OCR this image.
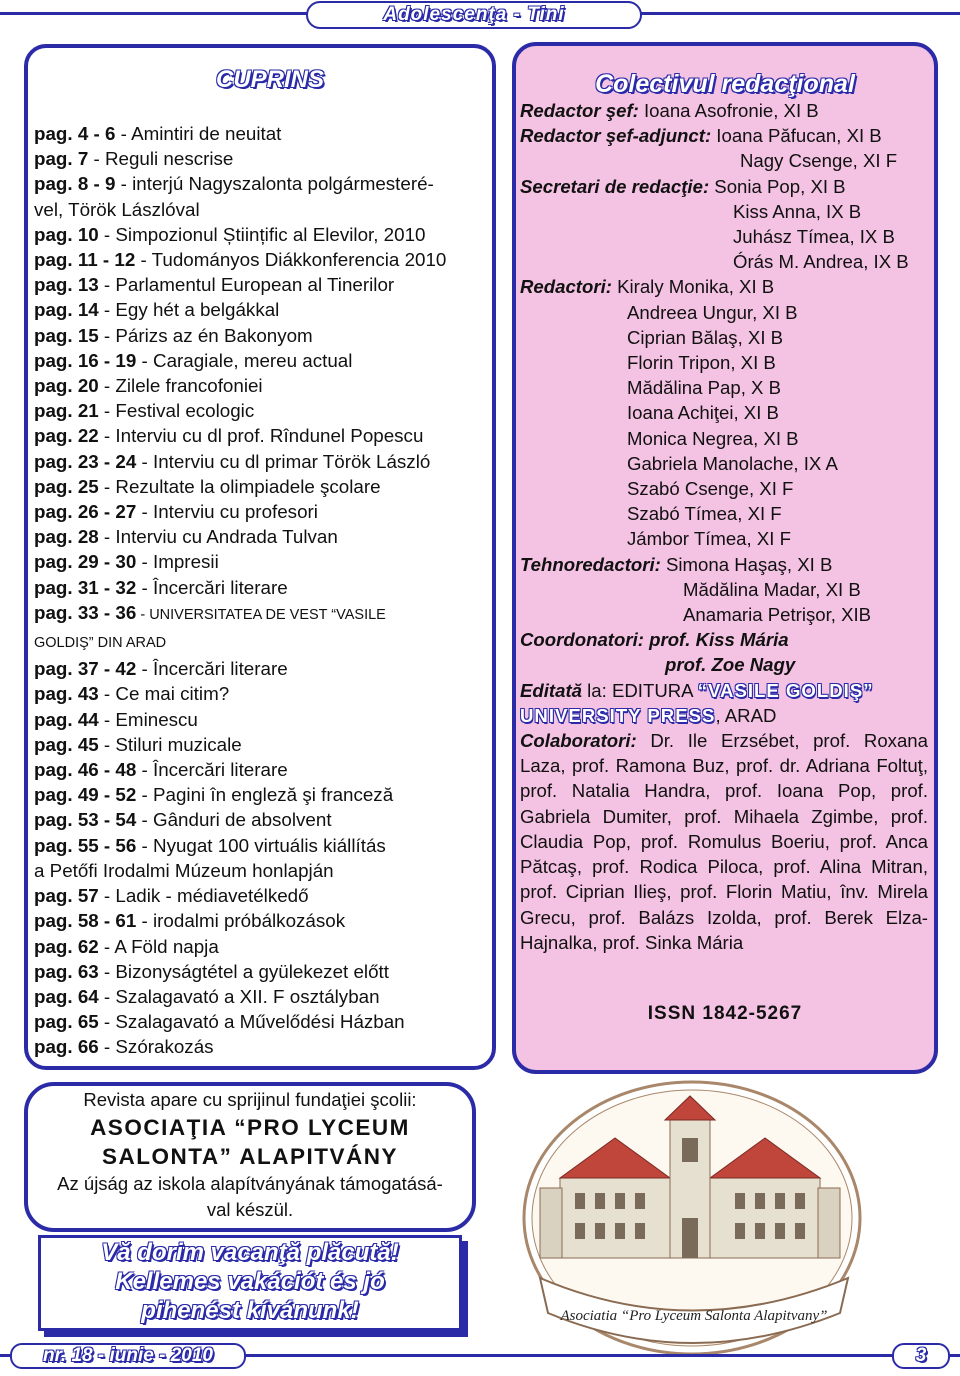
Adolescenţa - Tini
CUPRINS
pag. 4 - 6 - Amintiri de neuitat
pag. 7 - Reguli nescrise
pag. 8 - 9 - interjú Nagyszalonta polgármesteré-
vel, Török Lászlóval
pag. 10 - Simpozionul Științific al Elevilor, 2010
pag. 11 - 12 - Tudományos Diákkonferencia 2010
pag. 13 - Parlamentul European al Tinerilor
pag. 14 - Egy hét a belgákkal
pag. 15 - Párizs az én Bakonyom
pag. 16 - 19 - Caragiale, mereu actual
pag. 20 - Zilele francofoniei
pag. 21 - Festival ecologic
pag. 22 - Interviu cu dl prof. Rîndunel Popescu
pag. 23 - 24 - Interviu cu dl primar Török László
pag. 25 - Rezultate la olimpiadele şcolare
pag. 26 - 27 - Interviu cu profesori
pag. 28 - Interviu cu Andrada Tulvan
pag. 29 - 30 - Impresii
pag. 31 - 32 - Încercări literare
pag. 33 - 36 - UNIVERSITATEA DE VEST “VASILE
GOLDIŞ” DIN ARAD
pag. 37 - 42 - Încercări literare
pag. 43 - Ce mai citim?
pag. 44 - Eminescu
pag. 45 - Stiluri muzicale
pag. 46 - 48 - Încercări literare
pag. 49 - 52 - Pagini în engleză şi franceză
pag. 53 - 54 - Gânduri de absolvent
pag. 55 - 56 - Nyugat 100 virtuális kiállítás
a Petőfi Irodalmi Múzeum honlapján
pag. 57 - Ladik - médiavetélkedő
pag. 58 - 61 - irodalmi próbálkozások
pag. 62 - A Föld napja
pag. 63 - Bizonyságtétel a gyülekezet előtt
pag. 64 - Szalagavató a XII. F osztályban
pag. 65 - Szalagavató a Művelődési Házban
pag. 66 - Szórakozás
Colectivul redacţional
Redactor şef: Ioana Asofronie, XI B
Redactor şef-adjunct: Ioana Păfucan, XI B
Nagy Csenge, XI F
Secretari de redacţie: Sonia Pop, XI B
Kiss Anna, IX B
Juhász Tímea, IX B
Órás M. Andrea, IX B
Redactori: Kiraly Monika, XI B
Andreea Ungur, XI B
Ciprian Bălaş, XI B
Florin Tripon, XI B
Mădălina Pap, X B
Ioana Achiţei, XI B
Monica Negrea, XI B
Gabriela Manolache, IX A
Szabó Csenge, XI F
Szabó Tímea, XI F
Jámbor Tímea, XI F
Tehnoredactori: Simona Haşaş, XI B
Mădălina Madar, XI B
Anamaria Petrişor, XIB
Coordonatori: prof. Kiss Mária
prof. Zoe Nagy
Editată la: EDITURA “VASILE GOLDIŞ”
UNIVERSITY PRESS, ARAD
Colaboratori: Dr. Ile Erzsébet, prof. Roxana Laza, prof. Ramona Buz, prof. dr. Adriana Foltuţ, prof. Natalia Handra, prof. Ioana Pop, prof. Gabriela Dumiter, prof. Mihaela Zgimbe, prof. Claudia Pop, prof. Romulus Boeriu, prof. Anca Pătcaş, prof. Rodica Piloca, prof. Alina Mitran, prof. Ciprian Ilieş, prof. Florin Matiu, înv. Mirela Grecu, prof. Balázs Izolda, prof. Berek Elza-Hajnalka, prof. Sinka Mária
ISSN 1842-5267
Revista apare cu sprijinul fundaţiei şcolii:
ASOCIAŢIA “PRO LYCEUM
SALONTA” ALAPITVÁNY
Az újság az iskola alapítványának támogatásá-
val készül.
Vă dorim vacanţă plăcută!
Kellemes vakációt és jó
pihenést kívánunk!	Asociatia “Pro Lyceum Salonta Alapitvany”
nr. 18 - iunie - 2010	3
